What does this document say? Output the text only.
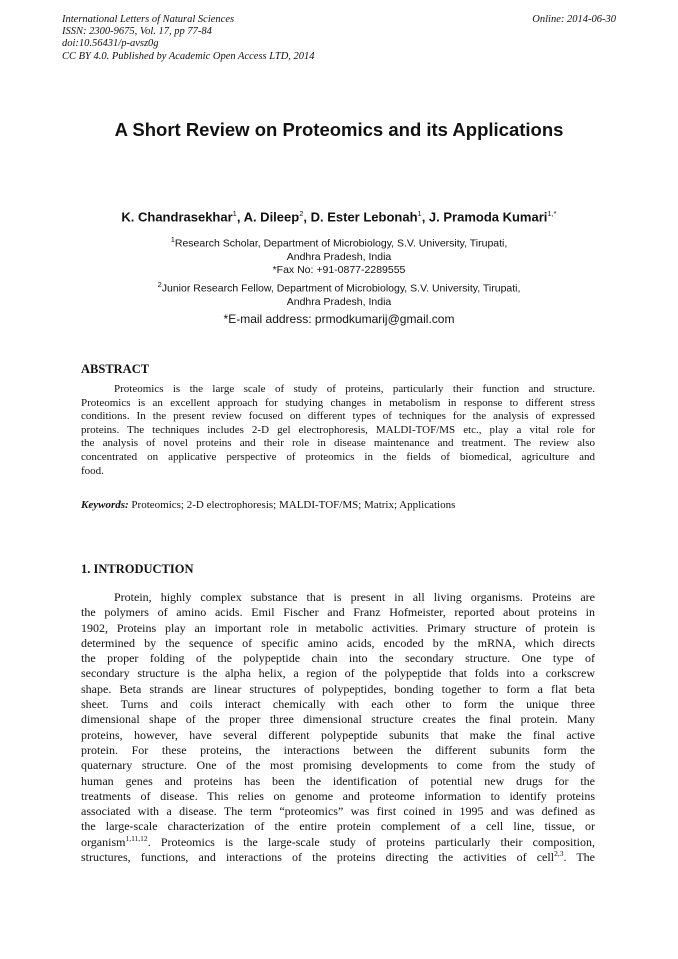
International Letters of Natural Sciences
ISSN: 2300-9675, Vol. 17, pp 77-84
doi:10.56431/p-avsz0g
CC BY 4.0. Published by Academic Open Access LTD, 2014
Online: 2014-06-30
A Short Review on Proteomics and its Applications
K. Chandrasekhar$^1$, A. Dileep$^2$, D. Ester Lebonah$^1$, J. Pramoda Kumari$^{1,*}$
$^1$Research Scholar, Department of Microbiology, S.V. University, Tirupati,
Andhra Pradesh, India
*Fax No: +91-0877-2289555
$^2$Junior Research Fellow, Department of Microbiology, S.V. University, Tirupati,
Andhra Pradesh, India
*E-mail address: prmodkumarij@gmail.com
ABSTRACT
Proteomics is the large scale of study of proteins, particularly their function and structure.
Proteomics is an excellent approach for studying changes in metabolism in response to different stress
conditions. In the present review focused on different types of techniques for the analysis of expressed
proteins. The techniques includes 2-D gel electrophoresis, MALDI-TOF/MS etc., play a vital role for
the analysis of novel proteins and their role in disease maintenance and treatment. The review also
concentrated on applicative perspective of proteomics in the fields of biomedical, agriculture and
food.
Keywords: Proteomics; 2-D electrophoresis; MALDI-TOF/MS; Matrix; Applications
1. INTRODUCTION
Protein, highly complex substance that is present in all living organisms. Proteins are
the polymers of amino acids. Emil Fischer and Franz Hofmeister, reported about proteins in
1902, Proteins play an important role in metabolic activities. Primary structure of protein is
determined by the sequence of specific amino acids, encoded by the mRNA, which directs
the proper folding of the polypeptide chain into the secondary structure. One type of
secondary structure is the alpha helix, a region of the polypeptide that folds into a corkscrew
shape. Beta strands are linear structures of polypeptides, bonding together to form a flat beta
sheet. Turns and coils interact chemically with each other to form the unique three
dimensional shape of the proper three dimensional structure creates the final protein. Many
proteins, however, have several different polypeptide subunits that make the final active
protein. For these proteins, the interactions between the different subunits form the
quaternary structure. One of the most promising developments to come from the study of
human genes and proteins has been the identification of potential new drugs for the
treatments of disease. This relies on genome and proteome information to identify proteins
associated with a disease. The term “proteomics” was first coined in 1995 and was defined as
the large-scale characterization of the entire protein complement of a cell line, tissue, or
organism$^{1,11,12}$. Proteomics is the large-scale study of proteins particularly their composition,
structures, functions, and interactions of the proteins directing the activities of cell$^{2,3}$. The
